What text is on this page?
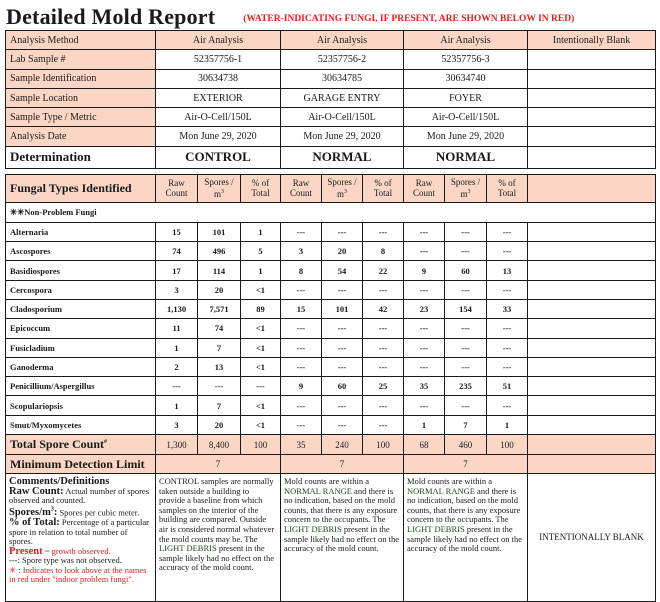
Detailed Mold Report	(WATER-INDICATING FUNGI, IF PRESENT, ARE SHOWN BELOW IN RED)
Analysis Method	Air Analysis	Air Analysis	Air Analysis	Intentionally Blank
Lab Sample #	52357756-1	52357756-2	52357756-3	
Sample Identification	30634738	30634785	30634740	
Sample Location	EXTERIOR	GARAGE ENTRY	FOYER	
Sample Type / Metric	Air-O-Cell/150L	Air-O-Cell/150L	Air-O-Cell/150L	
Analysis Date	Mon June 29, 2020	Mon June 29, 2020	Mon June 29, 2020	
Determination	CONTROL	NORMAL	NORMAL	
Fungal Types Identified	Raw Count	Spores / $m^3$	% of Total	Raw Count	Spores / $m^3$	% of Total	Raw Count	Spores / $m^3$	% of Total	
✳✳Non-Problem Fungi										
Alternaria	15	101	1	---	---	---	---	---	---	
Ascospores	74	496	5	3	20	8	---	---	---	
Basidiospores	17	114	1	8	54	22	9	60	13	
Cercospora	3	20	<1	---	---	---	---	---	---	
Cladosporium	1,130	7,571	89	15	101	42	23	154	33	
Epicoccum	11	74	<1	---	---	---	---	---	---	
Fusicladium	1	7	<1	---	---	---	---	---	---	
Ganoderma	2	13	<1	---	---	---	---	---	---	
Penicillium/Aspergillus	---	---	---	9	60	25	35	235	51	
Scopulariopsis	1	7	<1	---	---	---	---	---	---	
Smut/Myxomycetes	3	20	<1	---	---	---	1	7	1	
Total Spore Count#	1,300	8,400	100	35	240	100	68	460	100	
Minimum Detection Limit	7			7			7			
Comments/Definitions
Raw Count: Actual number of spores observed and counted.
Spores/$m^3$: Spores per cubic meter.
% of Total: Percentage of a particular spore in relation to total number of spores.
Present = growth observed.
---: Spore type was not observed.
✳ : Indicates to look above at the names in red under "indoor problem fungi".	CONTROL samples are normally taken outside a building to provide a baseline from which samples on the interior of the building are compared. Outside air is considered normal whatever the mold counts may be. The LIGHT DEBRIS present in the sample likely had no effect on the accuracy of the mold count.	Mold counts are within a NORMAL RANGE and there is no indication, based on the mold counts, that there is any exposure concern to the occupants. The LIGHT DEBRIS present in the sample likely had no effect on the accuracy of the mold count.	Mold counts are within a NORMAL RANGE and there is no indication, based on the mold counts, that there is any exposure concern to the occupants. The LIGHT DEBRIS present in the sample likely had no effect on the accuracy of the mold count.	INTENTIONALLY BLANK
